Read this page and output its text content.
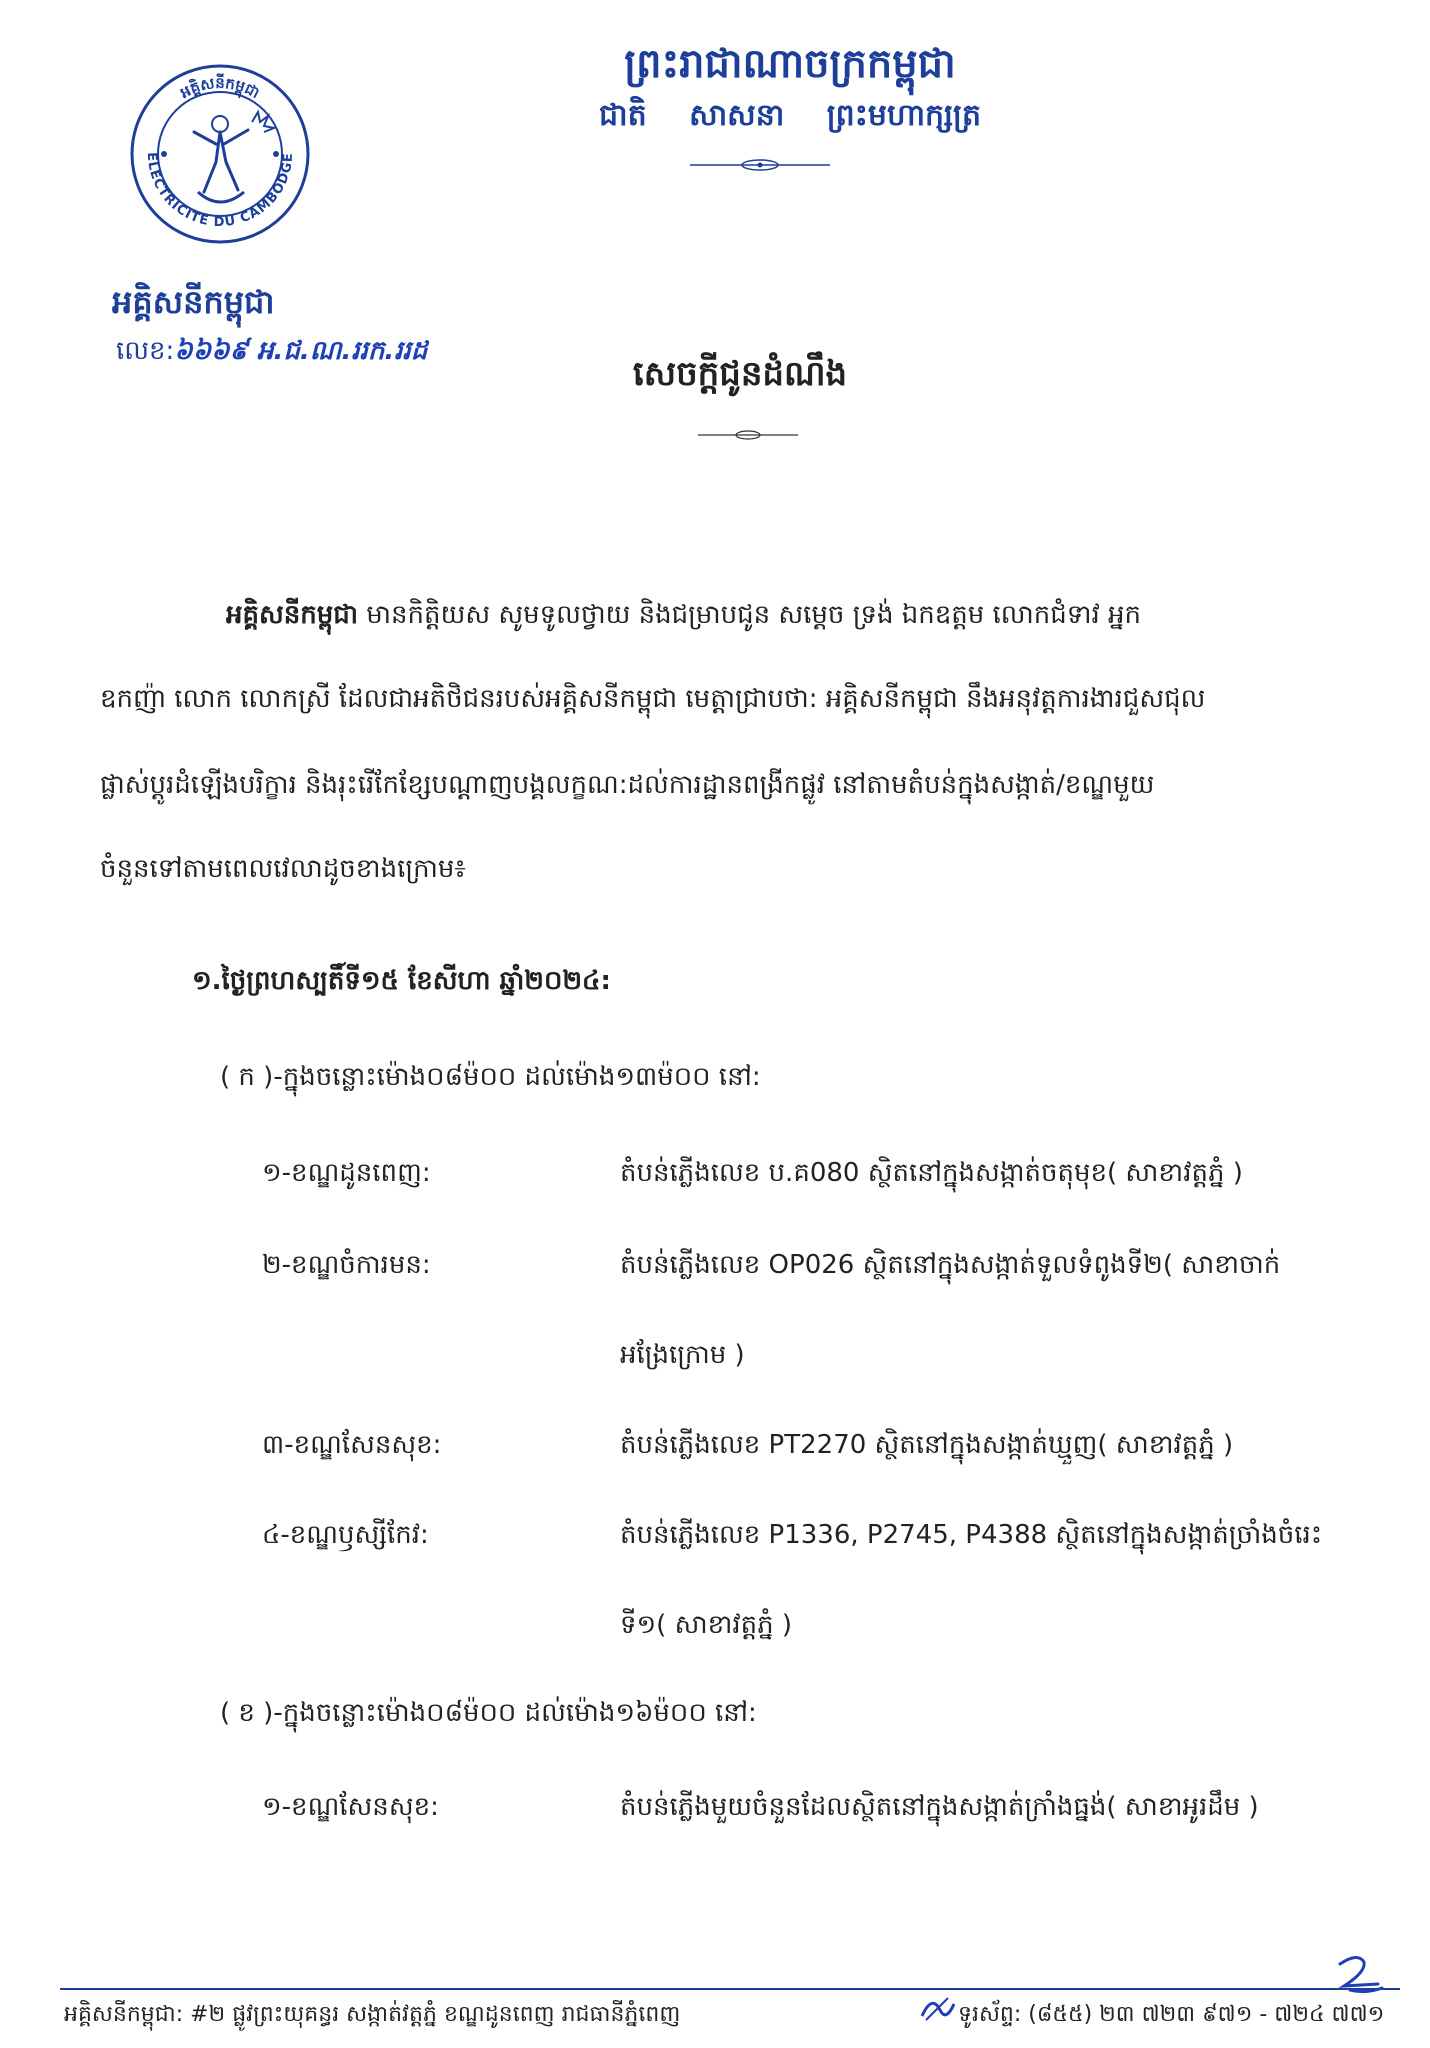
ព្រះរាជាណាចក្រកម្ពុជា
ជាតិ សាសនា ព្រះមហាក្សត្រ
ELECTRICITE DU CAMBODGE
អគ្គិសនីកម្ពុជា
អគ្គិសនីកម្ពុជា
លេខ:៦៦៦៩ អ.ជ.ណ.ររក.ររដ
សេចក្តីជូនដំណឹង
អគ្គិសនីកម្ពុជា មានកិត្តិយស សូមទូលថ្វាយ និងជម្រាបជូន សម្តេច ទ្រង់ ឯកឧត្តម លោកជំទាវ អ្នក
ឧកញ៉ា លោក លោកស្រី ដែលជាអតិថិជនរបស់អគ្គិសនីកម្ពុជា មេត្តាជ្រាបថា: អគ្គិសនីកម្ពុជា នឹងអនុវត្តការងារជួសជុល
ផ្លាស់ប្តូរដំឡើងបរិក្ខារ និងរុះរើកែខ្សែបណ្តាញបង្គលក្ខណ:ដល់ការដ្ឋានពង្រីកផ្លូវ នៅតាមតំបន់ក្នុងសង្កាត់/ខណ្ឌមួយ
ចំនួនទៅតាមពេលវេលាដូចខាងក្រោម៖
១.ថ្ងៃព្រហស្បតិ៍ទី១៥ ខែសីហា ឆ្នាំ២០២៤:
( ក )-ក្នុងចន្លោះម៉ោង០៨ម៉០០ ដល់ម៉ោង១៣ម៉០០ នៅ:
១-ខណ្ឌដូនពេញ:	តំបន់ភ្លើងលេខ ប.គ080 ស្ថិតនៅក្នុងសង្កាត់ចតុមុខ( សាខាវត្តភ្នំ )
២-ខណ្ឌចំការមន:	តំបន់ភ្លើងលេខ OP026 ស្ថិតនៅក្នុងសង្កាត់ទួលទំពូងទី២( សាខាចាក់
អង្រែក្រោម )
៣-ខណ្ឌសែនសុខ:	តំបន់ភ្លើងលេខ PT2270 ស្ថិតនៅក្នុងសង្កាត់ឃ្មួញ( សាខាវត្តភ្នំ )
៤-ខណ្ឌឫស្សីកែវ:	តំបន់ភ្លើងលេខ P1336, P2745, P4388 ស្ថិតនៅក្នុងសង្កាត់ច្រាំងចំរេះ
ទី១( សាខាវត្តភ្នំ )
( ខ )-ក្នុងចន្លោះម៉ោង០៨ម៉០០ ដល់ម៉ោង១៦ម៉០០ នៅ:
១-ខណ្ឌសែនសុខ:	តំបន់ភ្លើងមួយចំនួនដែលស្ថិតនៅក្នុងសង្កាត់ក្រាំងធ្នង់( សាខាអូរដឹម )
អគ្គិសនីកម្ពុជា: #២ ផ្លូវព្រះយុគន្ធរ សង្កាត់វត្តភ្នំ ខណ្ឌដូនពេញ រាជធានីភ្នំពេញ	ទូរស័ព្ទ: (៨៥៥) ២៣ ៧២៣ ៩៧១ - ៧២៤ ៧៧១
